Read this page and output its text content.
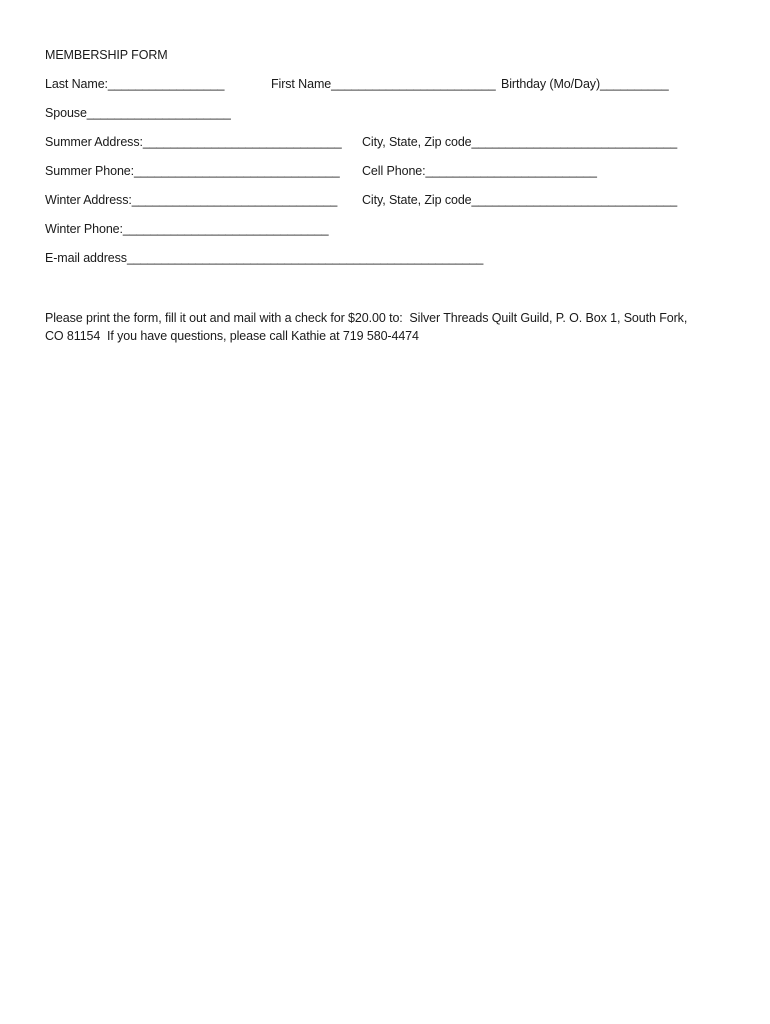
MEMBERSHIP FORM
Last Name:_________________	First Name________________________ Birthday (Mo/Day)__________
Spouse_____________________
Summer Address:_____________________________ City, State, Zip code______________________________
Summer Phone:______________________________ Cell Phone:_________________________
Winter Address:______________________________ City, State, Zip code______________________________
Winter Phone:______________________________
E-mail address____________________________________________________
Please print the form, fill it out and mail with a check for $20.00 to:  Silver Threads Quilt Guild, P. O. Box 1, South Fork,
CO 81154  If you have questions, please call Kathie at 719 580-4474
